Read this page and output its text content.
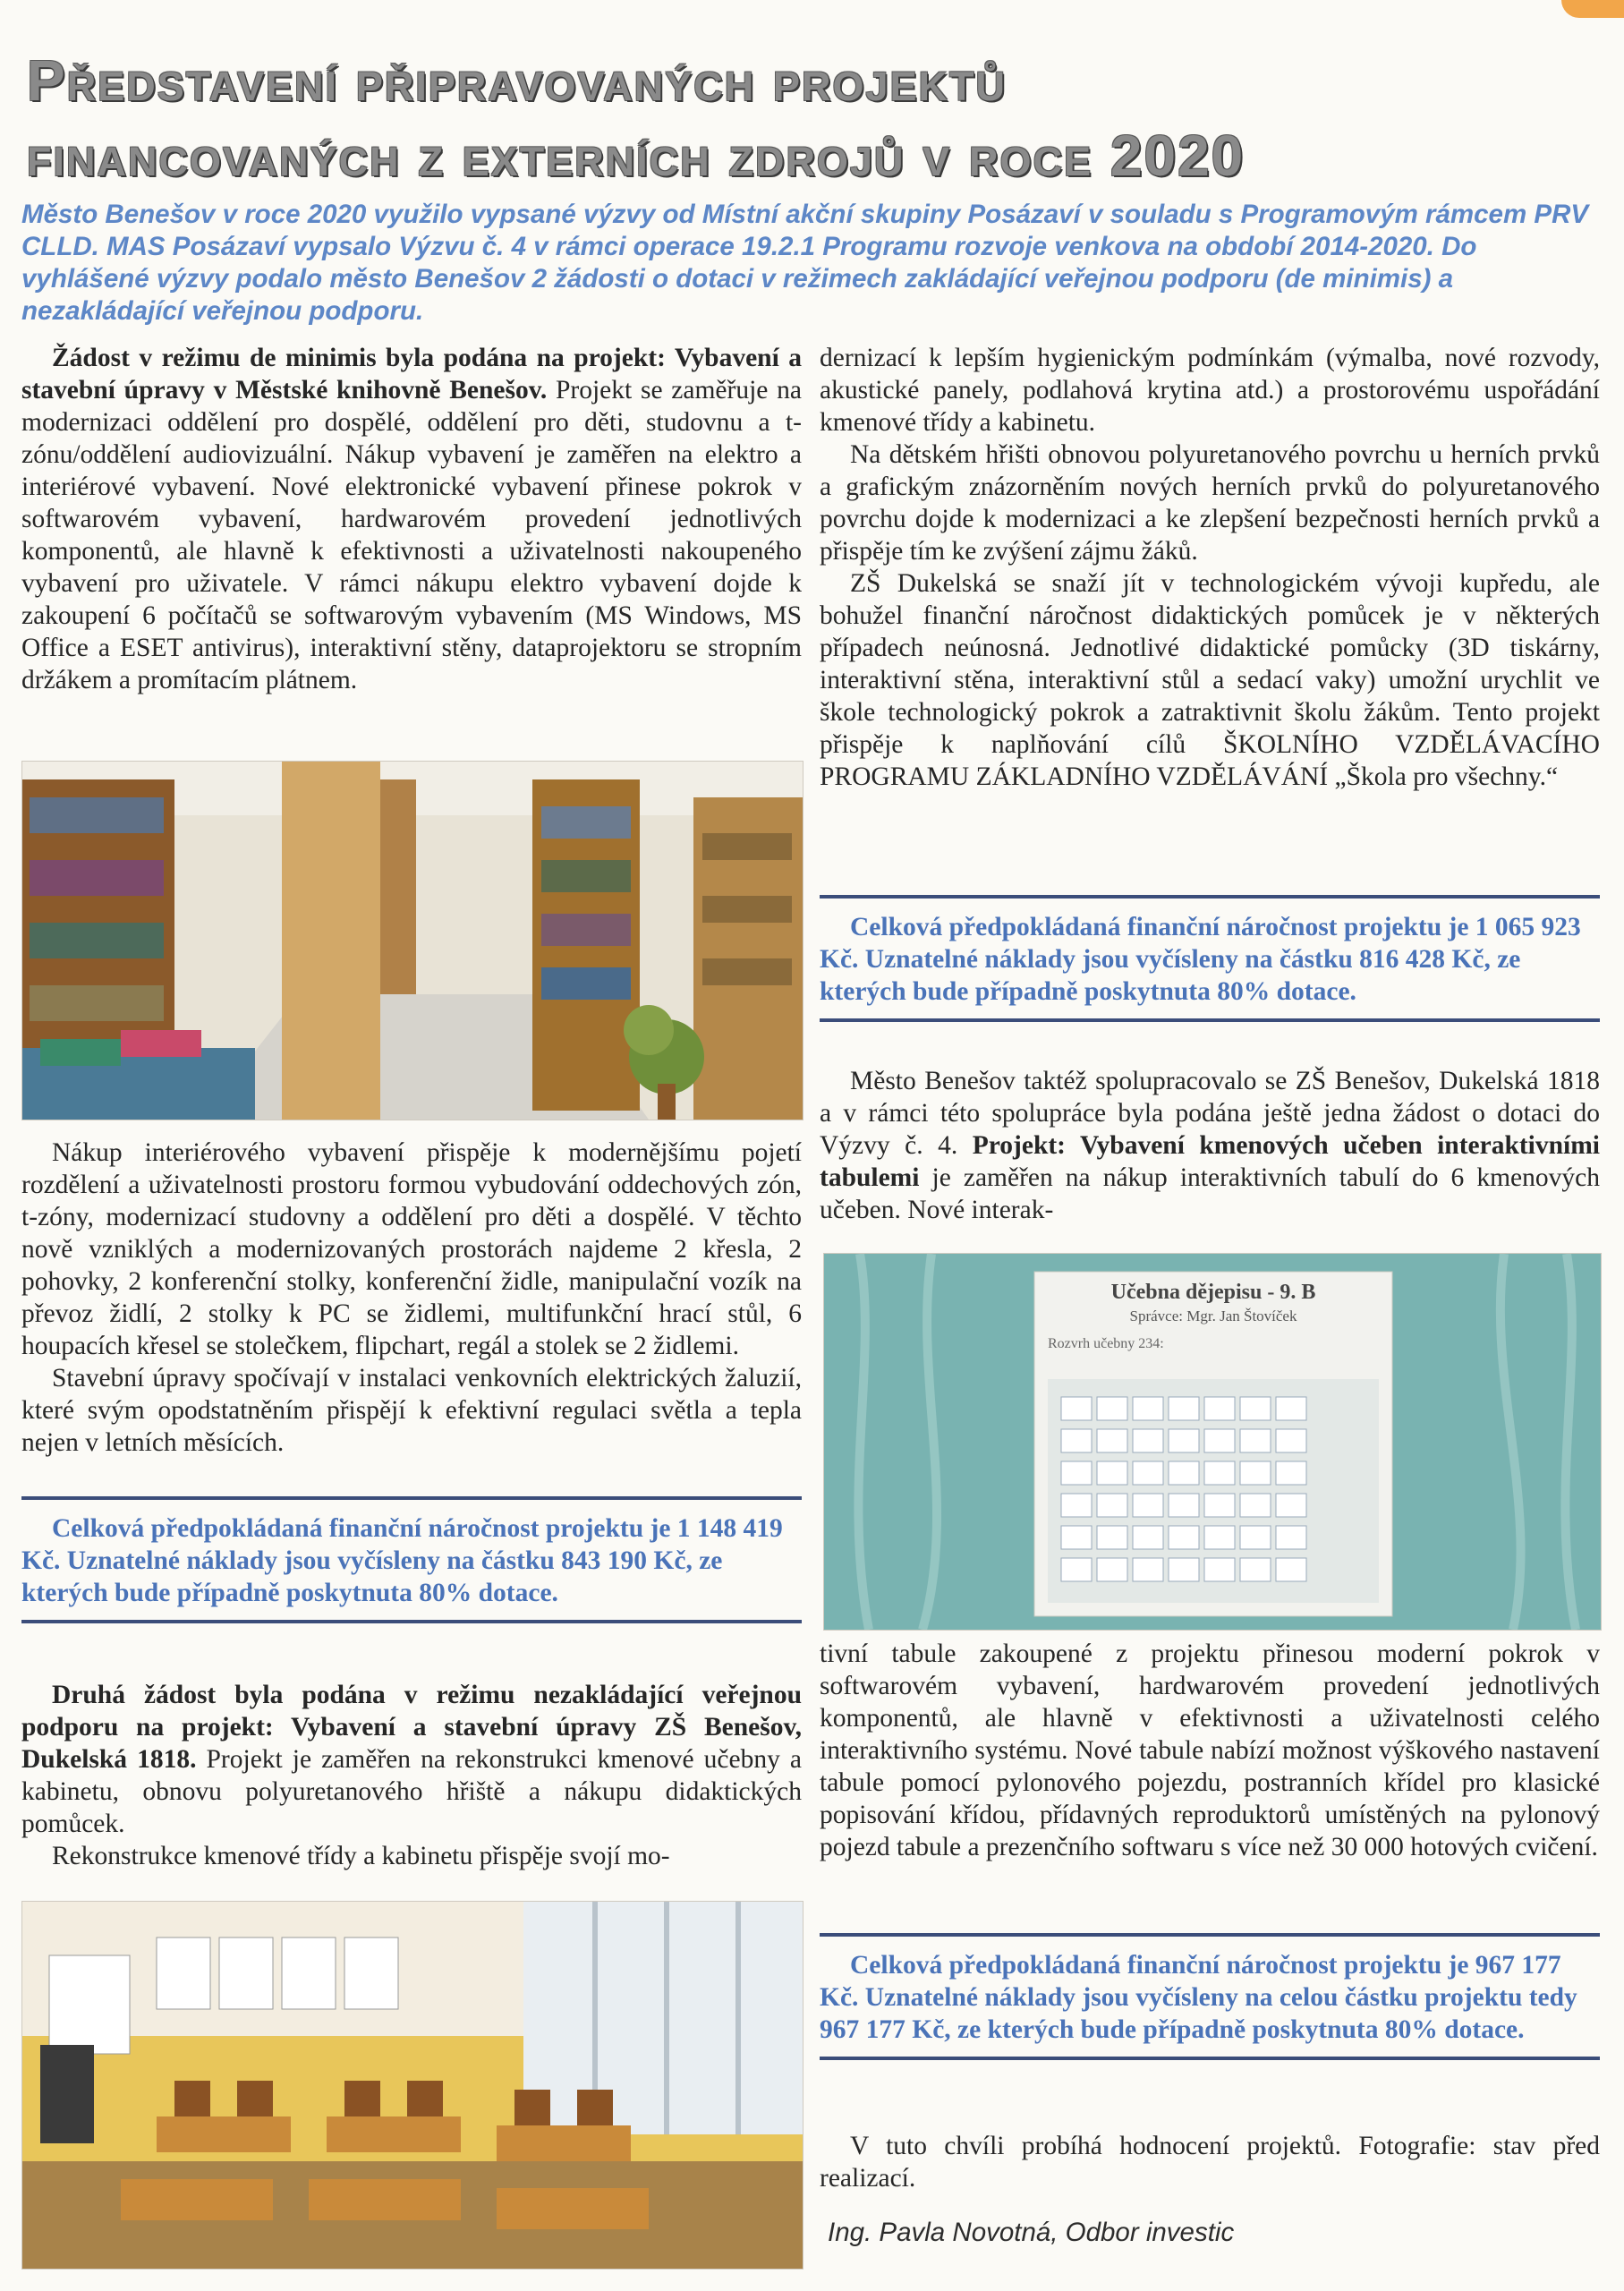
Představení připravovaných projektů
financovaných z externích zdrojů v roce 2020

Město Benešov v roce 2020 využilo vypsané výzvy od Místní akční skupiny Posázaví v souladu s Programovým rámcem PRV CLLD. MAS Posázaví vypsalo Výzvu č. 4 v rámci operace 19.2.1 Programu rozvoje venkova na období 2014-2020. Do vyhlášené výzvy podalo město Benešov 2 žádosti o dotaci v režimech zakládající veřejnou podporu (de minimis) a nezakládající veřejnou podporu.

Žádost v režimu de minimis byla podána na projekt: Vybavení a stavební úpravy v Městské knihovně Benešov. Projekt se zaměřuje na modernizaci oddělení pro dospělé, oddělení pro děti, studovnu a t-zónu/oddělení audiovizuální. Nákup vybavení je zaměřen na elektro a interiérové vybavení. Nové elektronické vybavení přinese pokrok v softwarovém vybavení, hardwarovém provedení jednotlivých komponentů, ale hlavně k efektivnosti a uživatelnosti nakoupeného vybavení pro uživatele. V rámci nákupu elektro vybavení dojde k zakoupení 6 počítačů se softwarovým vybavením (MS Windows, MS Office a ESET antivirus), interaktivní stěny, dataprojektoru se stropním držákem a promítacím plátnem.

Nákup interiérového vybavení přispěje k modernějšímu pojetí rozdělení a uživatelnosti prostoru formou vybudování oddechových zón, t-zóny, modernizací studovny a oddělení pro děti a dospělé. V těchto nově vzniklých a modernizovaných prostorách najdeme 2 křesla, 2 pohovky, 2 konferenční stolky, konferenční židle, manipulační vozík na převoz židlí, 2 stolky k PC se židlemi, multifunkční hrací stůl, 6 houpacích křesel se stolečkem, flipchart, regál a stolek se 2 židlemi.

Stavební úpravy spočívají v instalaci venkovních elektrických žaluzií, které svým opodstatněním přispějí k efektivní regulaci světla a tepla nejen v letních měsících.

Celková předpokládaná finanční náročnost projektu je 1 148 419 Kč. Uznatelné náklady jsou vyčísleny na částku 843 190 Kč, ze kterých bude případně poskytnuta 80% dotace.

Druhá žádost byla podána v režimu nezakládající veřejnou podporu na projekt: Vybavení a stavební úpravy ZŠ Benešov, Dukelská 1818. Projekt je zaměřen na rekonstrukci kmenové učebny a kabinetu, obnovu polyuretanového hřiště a nákupu didaktických pomůcek.

Rekonstrukce kmenové třídy a kabinetu přispěje svojí mo-

dernizací k lepším hygienickým podmínkám (výmalba, nové rozvody, akustické panely, podlahová krytina atd.) a prostorovému uspořádání kmenové třídy a kabinetu.

Na dětském hřišti obnovou polyuretanového povrchu u herních prvků a grafickým znázorněním nových herních prvků do polyuretanového povrchu dojde k modernizaci a ke zlepšení bezpečnosti herních prvků a přispěje tím ke zvýšení zájmu žáků.

ZŠ Dukelská se snaží jít v technologickém vývoji kupředu, ale bohužel finanční náročnost didaktických pomůcek je v některých případech neúnosná. Jednotlivé didaktické pomůcky (3D tiskárny, interaktivní stěna, interaktivní stůl a sedací vaky) umožní urychlit ve škole technologický pokrok a zatraktivnit školu žákům. Tento projekt přispěje k naplňování cílů ŠKOLNÍHO VZDĚLÁVACÍHO PROGRAMU ZÁKLADNÍHO VZDĚLÁVÁNÍ „Škola pro všechny.“

Celková předpokládaná finanční náročnost projektu je 1 065 923 Kč. Uznatelné náklady jsou vyčísleny na částku 816 428 Kč, ze kterých bude případně poskytnuta 80% dotace.

Město Benešov taktéž spolupracovalo se ZŠ Benešov, Dukelská 1818 a v rámci této spolupráce byla podána ještě jedna žádost o dotaci do Výzvy č. 4. Projekt: Vybavení kmenových učeben interaktivními tabulemi je zaměřen na nákup interaktivních tabulí do 6 kmenových učeben. Nové interak-

Učebna dějepisu - 9. B
Správce: Mgr. Jan Štovíček
Rozvrh učebny 234:

tivní tabule zakoupené z projektu přinesou moderní pokrok v softwarovém vybavení, hardwarovém provedení jednotlivých komponentů, ale hlavně v efektivnosti a uživatelnosti celého interaktivního systému. Nové tabule nabízí možnost výškového nastavení tabule pomocí pylonového pojezdu, postranních křídel pro klasické popisování křídou, přídavných reproduktorů umístěných na pylonový pojezd tabule a prezenčního softwaru s více než 30 000 hotových cvičení.

Celková předpokládaná finanční náročnost projektu je 967 177 Kč. Uznatelné náklady jsou vyčísleny na celou částku projektu tedy 967 177 Kč, ze kterých bude případně poskytnuta 80% dotace.

V tuto chvíli probíhá hodnocení projektů. Fotografie: stav před realizací.

Ing. Pavla Novotná, Odbor investic
